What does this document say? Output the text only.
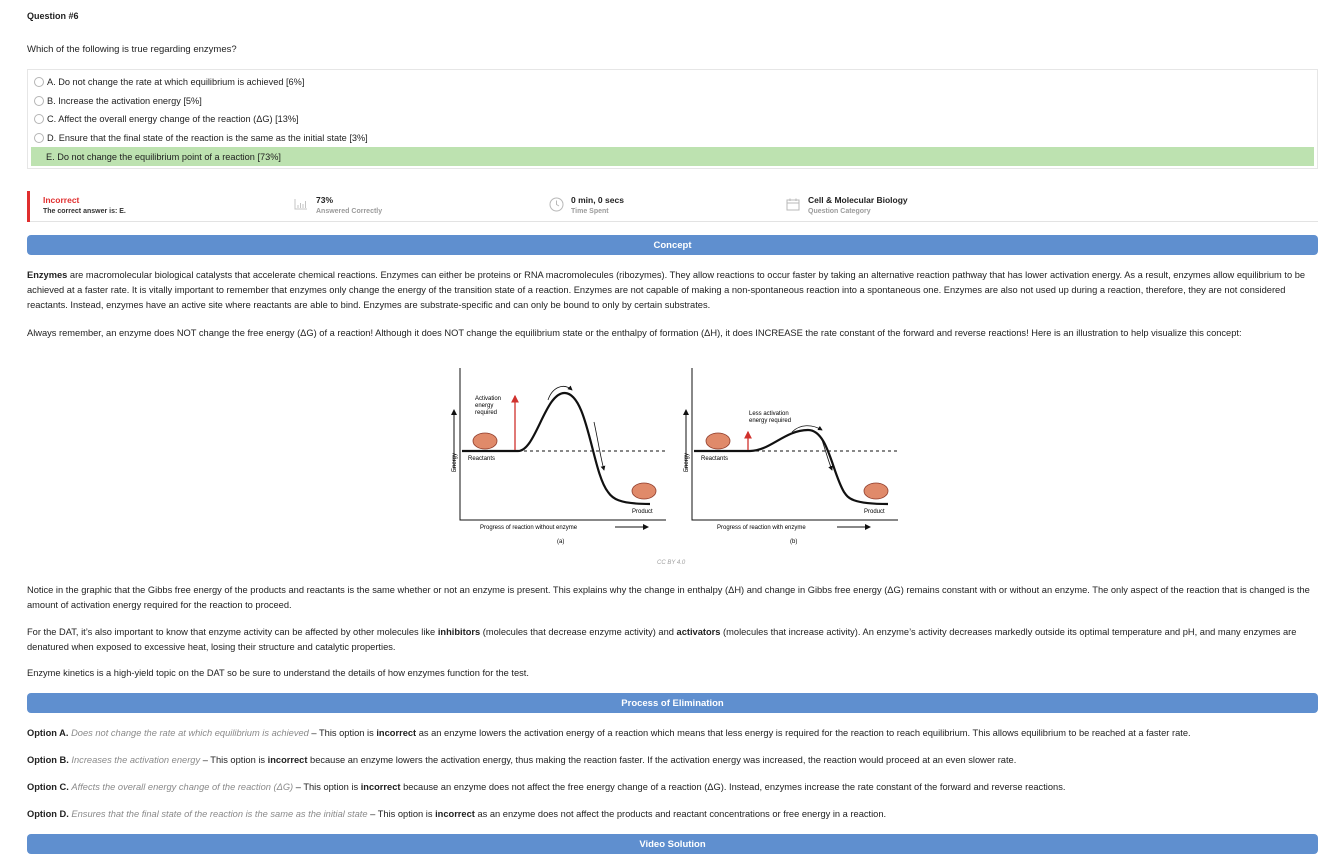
Question #6
Which of the following is true regarding enzymes?
A. Do not change the rate at which equilibrium is achieved [6%]
B. Increase the activation energy [5%]
C. Affect the overall energy change of the reaction (ΔG) [13%]
D. Ensure that the final state of the reaction is the same as the initial state [3%]
E. Do not change the equilibrium point of a reaction [73%]
Incorrect
The correct answer is: E.
73%
Answered Correctly
0 min, 0 secs
Time Spent
Cell & Molecular Biology
Question Category
Concept
Enzymes are macromolecular biological catalysts that accelerate chemical reactions. Enzymes can either be proteins or RNA macromolecules (ribozymes). They allow reactions to occur faster by taking an alternative reaction pathway that has lower activation energy. As a result, enzymes allow equilibrium to be achieved at a faster rate. It is vitally important to remember that enzymes only change the energy of the transition state of a reaction. Enzymes are not capable of making a non-spontaneous reaction into a spontaneous one. Enzymes are also not used up during a reaction, therefore, they are not considered reactants. Instead, enzymes have an active site where reactants are able to bind. Enzymes are substrate-specific and can only be bound to only by certain substrates.
Always remember, an enzyme does NOT change the free energy (ΔG) of a reaction! Although it does NOT change the equilibrium state or the enthalpy of formation (ΔH), it does INCREASE the rate constant of the forward and reverse reactions! Here is an illustration to help visualize this concept:
Energy
Activation
energy
required
Reactants
Product
Progress of reaction without enzyme
(a)
Energy
Less activation
energy required
Reactants
Product
Progress of reaction with enzyme
(b)
CC BY 4.0
Notice in the graphic that the Gibbs free energy of the products and reactants is the same whether or not an enzyme is present. This explains why the change in enthalpy (ΔH) and change in Gibbs free energy (ΔG) remains constant with or without an enzyme. The only aspect of the reaction that is changed is the amount of activation energy required for the reaction to proceed.
For the DAT, it’s also important to know that enzyme activity can be affected by other molecules like inhibitors (molecules that decrease enzyme activity) and activators (molecules that increase activity). An enzyme’s activity decreases markedly outside its optimal temperature and pH, and many enzymes are denatured when exposed to excessive heat, losing their structure and catalytic properties.
Enzyme kinetics is a high-yield topic on the DAT so be sure to understand the details of how enzymes function for the test.
Process of Elimination
Option A. Does not change the rate at which equilibrium is achieved – This option is incorrect as an enzyme lowers the activation energy of a reaction which means that less energy is required for the reaction to reach equilibrium. This allows equilibrium to be reached at a faster rate.
Option B. Increases the activation energy – This option is incorrect because an enzyme lowers the activation energy, thus making the reaction faster. If the activation energy was increased, the reaction would proceed at an even slower rate.
Option C. Affects the overall energy change of the reaction (ΔG) – This option is incorrect because an enzyme does not affect the free energy change of a reaction (ΔG). Instead, enzymes increase the rate constant of the forward and reverse reactions.
Option D. Ensures that the final state of the reaction is the same as the initial state – This option is incorrect as an enzyme does not affect the products and reactant concentrations or free energy in a reaction.
Video Solution
